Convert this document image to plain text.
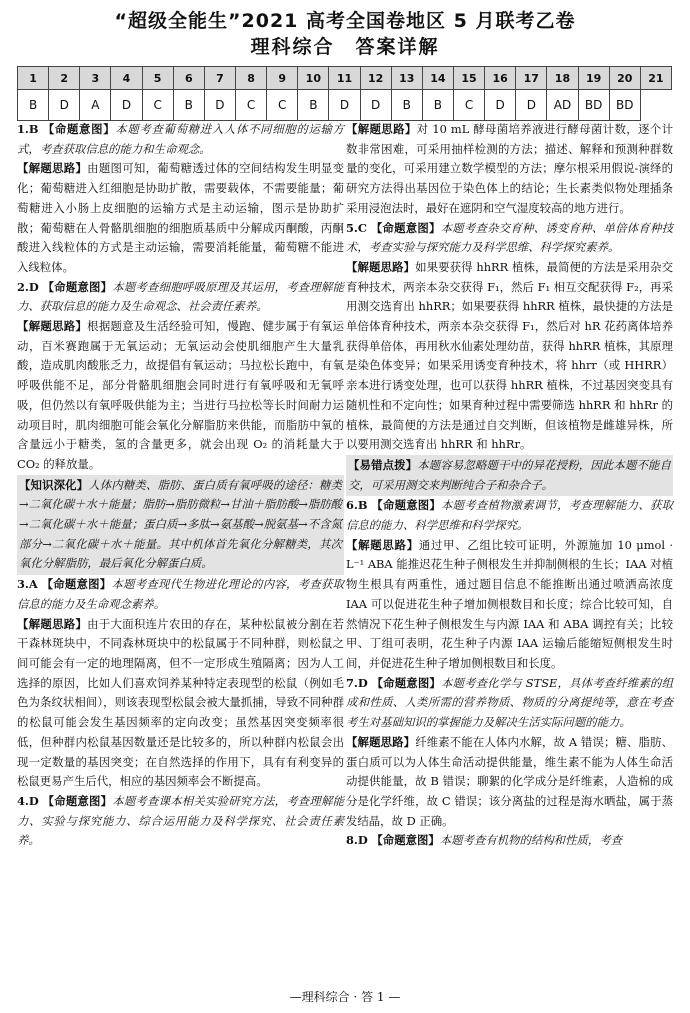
“超级全能生”2021 高考全国卷地区 5 月联考乙卷
理科综合　答案详解
1	2	3	4	5	6	7	8	9	10	11	12	13	14	15	16	17	18	19	20	21
B	D	A	D	C	B	D	C	C	B	D	D	B	B	C	D	D	AD	BD	BD	

1.B 【命题意图】本题考查葡萄糖进入人体不同细胞的运输方式，考查获取信息的能力和生命观念。

【解题思路】由题图可知，葡萄糖透过体的空间结构发生明显变化；葡萄糖进入红细胞是协助扩散，需要载体，不需要能量；葡萄糖进入小肠上皮细胞的运输方式是主动运输，图示是协助扩散；葡萄糖在人骨骼肌细胞的细胞质基质中分解成丙酮酸，丙酮酸进入线粒体的方式是主动运输，需要消耗能量，葡萄糖不能进入线粒体。

2.D 【命题意图】本题考查细胞呼吸原理及其运用，考查理解能力、获取信息的能力及生命观念、社会责任素养。

【解题思路】根据题意及生活经验可知，慢跑、健步属于有氧运动，百米赛跑属于无氧运动；无氧运动会使肌细胞产生大量乳酸，造成肌肉酸胀乏力，故提倡有氧运动；马拉松长跑中，有氧呼吸供能不足，部分骨骼肌细胞会同时进行有氧呼吸和无氧呼吸，但仍然以有氧呼吸供能为主；当进行马拉松等长时间耐力运动项目时，肌肉细胞可能会氧化分解脂肪来供能，而脂肪中氧的含量远小于糖类，氢的含量更多，就会出现 O₂ 的消耗量大于 CO₂ 的释放量。

【知识深化】人体内糖类、脂肪、蛋白质有氧呼吸的途径：糖类→二氧化碳＋水＋能量；脂肪→脂肪微粒→甘油＋脂肪酸→脂肪酸→二氧化碳＋水＋能量；蛋白质→多肽→氨基酸→脱氨基→不含氮部分→二氧化碳＋水＋能量。其中机体首先氧化分解糖类，其次氧化分解脂肪，最后氧化分解蛋白质。

3.A 【命题意图】本题考查现代生物进化理论的内容，考查获取信息的能力及生命观念素养。

【解题思路】由于大面积连片农田的存在，某种松鼠被分割在若干森林斑块中，不同森林斑块中的松鼠属于不同种群，则松鼠之间可能会有一定的地理隔离，但不一定形成生殖隔离；因为人工选择的原因，比如人们喜欢饲养某种特定表现型的松鼠（例如毛色为条纹状相间），则该表现型松鼠会被大量抓捕，导致不同种群的松鼠可能会发生基因频率的定向改变；虽然基因突变频率很低，但种群内松鼠基因数量还是比较多的，所以种群内松鼠会出现一定数量的基因突变；在自然选择的作用下，具有有利变异的松鼠更易产生后代，相应的基因频率会不断提高。

4.D 【命题意图】本题考查课本相关实验研究方法，考查理解能力、实验与探究能力、综合运用能力及科学探究、社会责任素养。

【解题思路】对 10 mL 酵母菌培养液进行酵母菌计数，逐个计数非常困难，可采用抽样检测的方法；描述、解释和预测种群数量的变化，可采用建立数学模型的方法；摩尔根采用假说-演绎的研究方法得出基因位于染色体上的结论；生长素类似物处理插条采用浸泡法时，最好在遮阴和空气湿度较高的地方进行。

5.C 【命题意图】本题考查杂交育种、诱变育种、单倍体育种技术，考查实验与探究能力及科学思维、科学探究素养。

【解题思路】如果要获得 hhRR 植株，最简便的方法是采用杂交育种技术，两亲本杂交获得 F₁，然后 F₁ 相互交配获得 F₂，再采用测交选育出 hhRR；如果要获得 hhRR 植株，最快捷的方法是单倍体育种技术，两亲本杂交获得 F₁，然后对 hR 花药离体培养获得单倍体，再用秋水仙素处理幼苗，获得 hhRR 植株，其原理是染色体变异；如果采用诱变育种技术，将 hhrr（或 HHRR）亲本进行诱变处理，也可以获得 hhRR 植株，不过基因突变具有随机性和不定向性；如果育种过程中需要筛选 hhRR 和 hhRr 的植株，最简便的方法是通过自交判断，但该植物是雌雄异株，所以要用测交选育出 hhRR 和 hhRr。

【易错点拨】本题容易忽略题干中的异花授粉，因此本题不能自交，可采用测交来判断纯合子和杂合子。

6.B 【命题意图】本题考查植物激素调节，考查理解能力、获取信息的能力、科学思维和科学探究。

【解题思路】通过甲、乙组比较可证明，外源施加 10 μmol · L⁻¹ ABA 能推迟花生种子侧根发生并抑制侧根的生长；IAA 对植物生根具有两重性，通过题目信息不能推断出通过喷洒高浓度 IAA 可以促进花生种子增加侧根数目和长度；综合比较可知，自然情况下花生种子侧根发生与内源 IAA 和 ABA 调控有关；比较甲、丁组可表明，花生种子内源 IAA 运输后能缩短侧根发生时间，并促进花生种子增加侧根数目和长度。

7.D 【命题意图】本题考查化学与 STSE，具体考查纤维素的组成和性质、人类所需的营养物质、物质的分离提纯等，意在考查考生对基础知识的掌握能力及解决生活实际问题的能力。

【解题思路】纤维素不能在人体内水解，故 A 错误；糖、脂肪、蛋白质可以为人体生命活动提供能量，维生素不能为人体生命活动提供能量，故 B 错误；聊絮的化学成分是纤维素，人造棉的成分是化学纤维，故 C 错误；该分离盐的过程是海水晒盐，属于蒸发结晶，故 D 正确。

8.D 【命题意图】本题考查有机物的结构和性质，考查

—理科综合 · 答 1 —
